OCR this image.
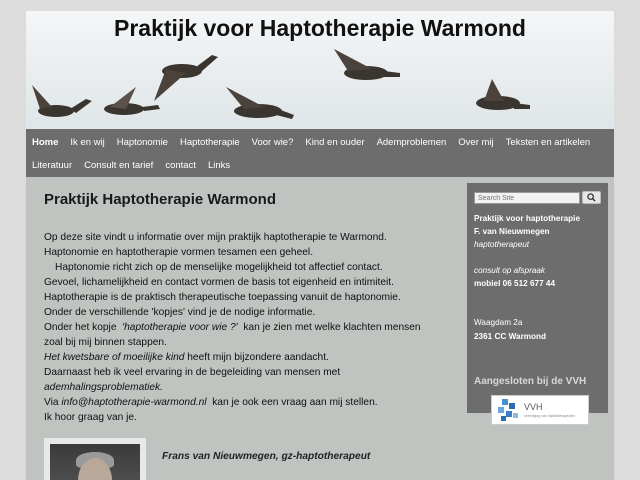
Praktijk voor Haptotherapie Warmond
Home	Ik en wij	Haptonomie	Haptotherapie	Voor wie?	Kind en ouder	Ademproblemen	Over mij	Teksten en artikelen
Literatuur	Consult en tarief	contact	Links
Praktijk Haptotherapie Warmond

Op deze site vindt u informatie over mijn praktijk haptotherapie te Warmond.

Haptonomie en haptotherapie vormen tesamen een geheel.

Haptonomie richt zich op de menselijke mogelijkheid tot affectief contact.

Gevoel, lichamelijkheid en contact vormen de basis tot eigenheid en intimiteit.

Haptotherapie is de praktisch therapeutische toepassing vanuit de haptonomie.

Onder de verschillende 'kopjes' vind je de nodige informatie.

Onder het kopje 'haptotherapie voor wie ?' kan je zien met welke klachten mensen

zoal bij mij binnen stappen.

Het kwetsbare of moeilijke kind heeft mijn bijzondere aandacht.

Daarnaast heb ik veel ervaring in de begeleiding van mensen met

ademhalingsproblematiek.

Via info@haptotherapie-warmond.nl kan je ook een vraag aan mij stellen.

Ik hoor graag van je.

Frans van Nieuwmegen, gz-haptotherapeut
Search Site
Praktijk voor haptotherapie
F. van Nieuwmegen
haptotherapeut
consult op afspraak
mobiel 06 512 677 44
Waagdam 2a
2361 CC Warmond
Aangesloten bij de VVH
VVH
vereniging van haptotherapeuten
